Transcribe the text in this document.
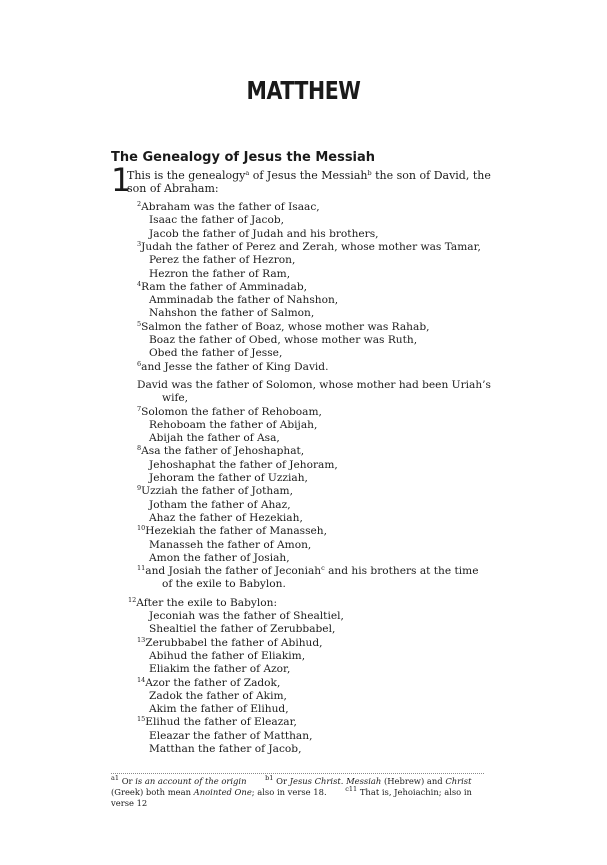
MATTHEW
The Genealogy of Jesus the Messiah
1
This is the genealogy$^a$ of Jesus the Messiah$^b$ the son of David, the
son of Abraham:
$^2$Abraham was the father of Isaac,
Isaac the father of Jacob,
Jacob the father of Judah and his brothers,
$^3$Judah the father of Perez and Zerah, whose mother was Tamar,
Perez the father of Hezron,
Hezron the father of Ram,
$^4$Ram the father of Amminadab,
Amminadab the father of Nahshon,
Nahshon the father of Salmon,
$^5$Salmon the father of Boaz, whose mother was Rahab,
Boaz the father of Obed, whose mother was Ruth,
Obed the father of Jesse,
$^6$and Jesse the father of King David.
David was the father of Solomon, whose mother had been Uriah’s
wife,
$^7$Solomon the father of Rehoboam,
Rehoboam the father of Abijah,
Abijah the father of Asa,
$^8$Asa the father of Jehoshaphat,
Jehoshaphat the father of Jehoram,
Jehoram the father of Uzziah,
$^9$Uzziah the father of Jotham,
Jotham the father of Ahaz,
Ahaz the father of Hezekiah,
$^{10}$Hezekiah the father of Manasseh,
Manasseh the father of Amon,
Amon the father of Josiah,
$^{11}$and Josiah the father of Jeconiah$^c$ and his brothers at the time
of the exile to Babylon.
$^{12}$After the exile to Babylon:
Jeconiah was the father of Shealtiel,
Shealtiel the father of Zerubbabel,
$^{13}$Zerubbabel the father of Abihud,
Abihud the father of Eliakim,
Eliakim the father of Azor,
$^{14}$Azor the father of Zadok,
Zadok the father of Akim,
Akim the father of Elihud,
$^{15}$Elihud the father of Eleazar,
Eleazar the father of Matthan,
Matthan the father of Jacob,
$^{a1}$ Or is an account of the origin	$^{b1}$ Or Jesus Christ. Messiah (Hebrew) and Christ
(Greek) both mean Anointed One; also in verse 18.	$^{c11}$ That is, Jehoiachin; also in
verse 12
